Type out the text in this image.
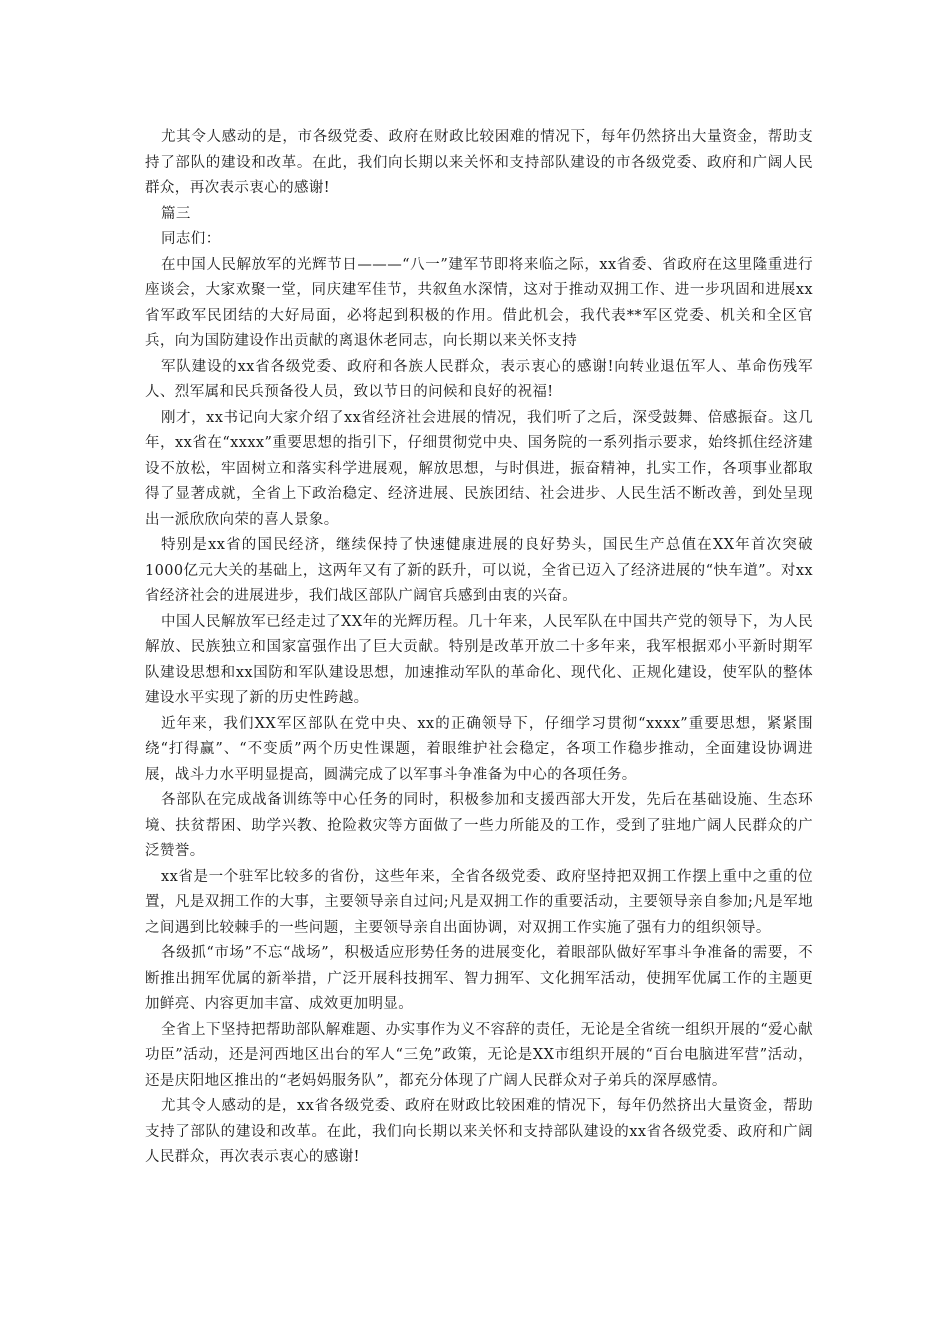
尤其令人感动的是，市各级党委、政府在财政比较困难的情况下，每年仍然挤出大量资金，帮助支持了部队的建设和改革。在此，我们向长期以来关怀和支持部队建设的市各级党委、政府和广阔人民群众，再次表示衷心的感谢!

篇三

同志们：

在中国人民解放军的光辉节日———“八一”建军节即将来临之际，xx省委、省政府在这里隆重进行座谈会，大家欢聚一堂，同庆建军佳节，共叙鱼水深情，这对于推动双拥工作、进一步巩固和进展xx省军政军民团结的大好局面，必将起到积极的作用。借此机会，我代表**军区党委、机关和全区官兵，向为国防建设作出贡献的离退休老同志，向长期以来关怀支持

军队建设的xx省各级党委、政府和各族人民群众，表示衷心的感谢!向转业退伍军人、革命伤残军人、烈军属和民兵预备役人员，致以节日的问候和良好的祝福!

刚才，xx书记向大家介绍了xx省经济社会进展的情况，我们听了之后，深受鼓舞、倍感振奋。这几年，xx省在“xxxx”重要思想的指引下，仔细贯彻党中央、国务院的一系列指示要求，始终抓住经济建设不放松，牢固树立和落实科学进展观，解放思想，与时俱进，振奋精神，扎实工作，各项事业都取得了显著成就，全省上下政治稳定、经济进展、民族团结、社会进步、人民生活不断改善，到处呈现出一派欣欣向荣的喜人景象。

特别是xx省的国民经济，继续保持了快速健康进展的良好势头，国民生产总值在XX年首次突破1000亿元大关的基础上，这两年又有了新的跃升，可以说，全省已迈入了经济进展的“快车道”。对xx省经济社会的进展进步，我们战区部队广阔官兵感到由衷的兴奋。

中国人民解放军已经走过了XX年的光辉历程。几十年来，人民军队在中国共产党的领导下，为人民解放、民族独立和国家富强作出了巨大贡献。特别是改革开放二十多年来，我军根据邓小平新时期军队建设思想和xx国防和军队建设思想，加速推动军队的革命化、现代化、正规化建设，使军队的整体建设水平实现了新的历史性跨越。

近年来，我们XX军区部队在党中央、xx的正确领导下，仔细学习贯彻“xxxx”重要思想，紧紧围绕“打得赢”、“不变质”两个历史性课题，着眼维护社会稳定，各项工作稳步推动，全面建设协调进展，战斗力水平明显提高，圆满完成了以军事斗争准备为中心的各项任务。

各部队在完成战备训练等中心任务的同时，积极参加和支援西部大开发，先后在基础设施、生态环境、扶贫帮困、助学兴教、抢险救灾等方面做了一些力所能及的工作，受到了驻地广阔人民群众的广泛赞誉。

xx省是一个驻军比较多的省份，这些年来，全省各级党委、政府坚持把双拥工作摆上重中之重的位置，凡是双拥工作的大事，主要领导亲自过问;凡是双拥工作的重要活动，主要领导亲自参加;凡是军地之间遇到比较棘手的一些问题，主要领导亲自出面协调，对双拥工作实施了强有力的组织领导。

各级抓“市场”不忘“战场”，积极适应形势任务的进展变化，着眼部队做好军事斗争准备的需要，不断推出拥军优属的新举措，广泛开展科技拥军、智力拥军、文化拥军活动，使拥军优属工作的主题更加鲜亮、内容更加丰富、成效更加明显。

全省上下坚持把帮助部队解难题、办实事作为义不容辞的责任，无论是全省统一组织开展的“爱心献功臣”活动，还是河西地区出台的军人“三免”政策，无论是XX市组织开展的“百台电脑进军营”活动，还是庆阳地区推出的“老妈妈服务队”，都充分体现了广阔人民群众对子弟兵的深厚感情。

尤其令人感动的是，xx省各级党委、政府在财政比较困难的情况下，每年仍然挤出大量资金，帮助支持了部队的建设和改革。在此，我们向长期以来关怀和支持部队建设的xx省各级党委、政府和广阔人民群众，再次表示衷心的感谢!
